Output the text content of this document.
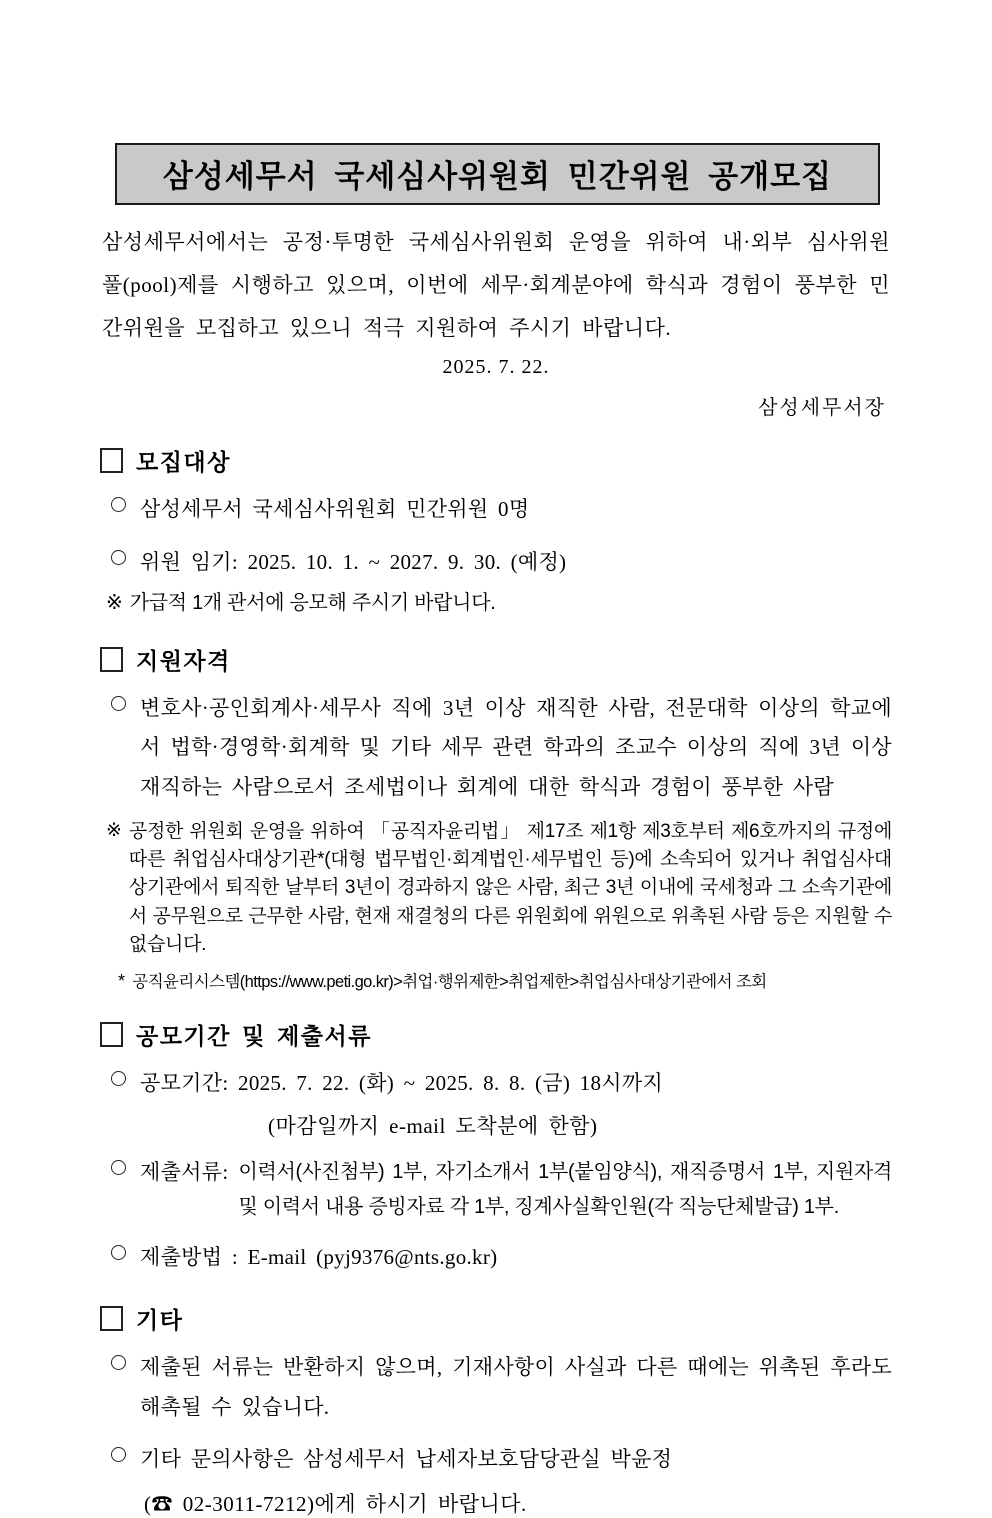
삼성세무서 국세심사위원회 민간위원 공개모집

삼성세무서에서는 공정·투명한 국세심사위원회 운영을 위하여 내·외부 심사위원 풀(pool)제를 시행하고 있으며, 이번에 세무·회계분야에 학식과 경험이 풍부한 민간위원을 모집하고 있으니 적극 지원하여 주시기 바랍니다.

2025. 7. 22.
삼성세무서장
모집대상
삼성세무서 국세심사위원회 민간위원 0명
위원 임기: 2025. 10. 1. ~ 2027. 9. 30. (예정)
※ 가급적 1개 관서에 응모해 주시기 바랍니다.
지원자격
변호사·공인회계사·세무사 직에 3년 이상 재직한 사람, 전문대학 이상의 학교에서 법학·경영학·회계학 및 기타 세무 관련 학과의 조교수 이상의 직에 3년 이상 재직하는 사람으로서 조세법이나 회계에 대한 학식과 경험이 풍부한 사람
※ 공정한 위원회 운영을 위하여 「공직자윤리법」 제17조 제1항 제3호부터 제6호까지의 규정에 따른 취업심사대상기관*(대형 법무법인·회계법인·세무법인 등)에 소속되어 있거나 취업심사대상기관에서 퇴직한 날부터 3년이 경과하지 않은 사람, 최근 3년 이내에 국세청과 그 소속기관에서 공무원으로 근무한 사람, 현재 재결청의 다른 위원회에 위원으로 위촉된 사람 등은 지원할 수 없습니다.
* 공직윤리시스템(https://www.peti.go.kr)>취업·행위제한>취업제한>취업심사대상기관에서 조회
공모기간 및 제출서류
공모기간: 2025. 7. 22. (화) ~ 2025. 8. 8. (금) 18시까지
(마감일까지 e-mail 도착분에 한함)
제출서류: 이력서(사진첨부) 1부, 자기소개서 1부(붙임양식), 재직증명서 1부, 지원자격 및 이력서 내용 증빙자료 각 1부, 징계사실확인원(각 직능단체발급) 1부.
제출방법 : E-mail (pyj9376@nts.go.kr)
기타
제출된 서류는 반환하지 않으며, 기재사항이 사실과 다른 때에는 위촉된 후라도 해촉될 수 있습니다.
기타 문의사항은 삼성세무서 납세자보호담당관실 박윤정
(☎ 02-3011-7212)에게 하시기 바랍니다.
